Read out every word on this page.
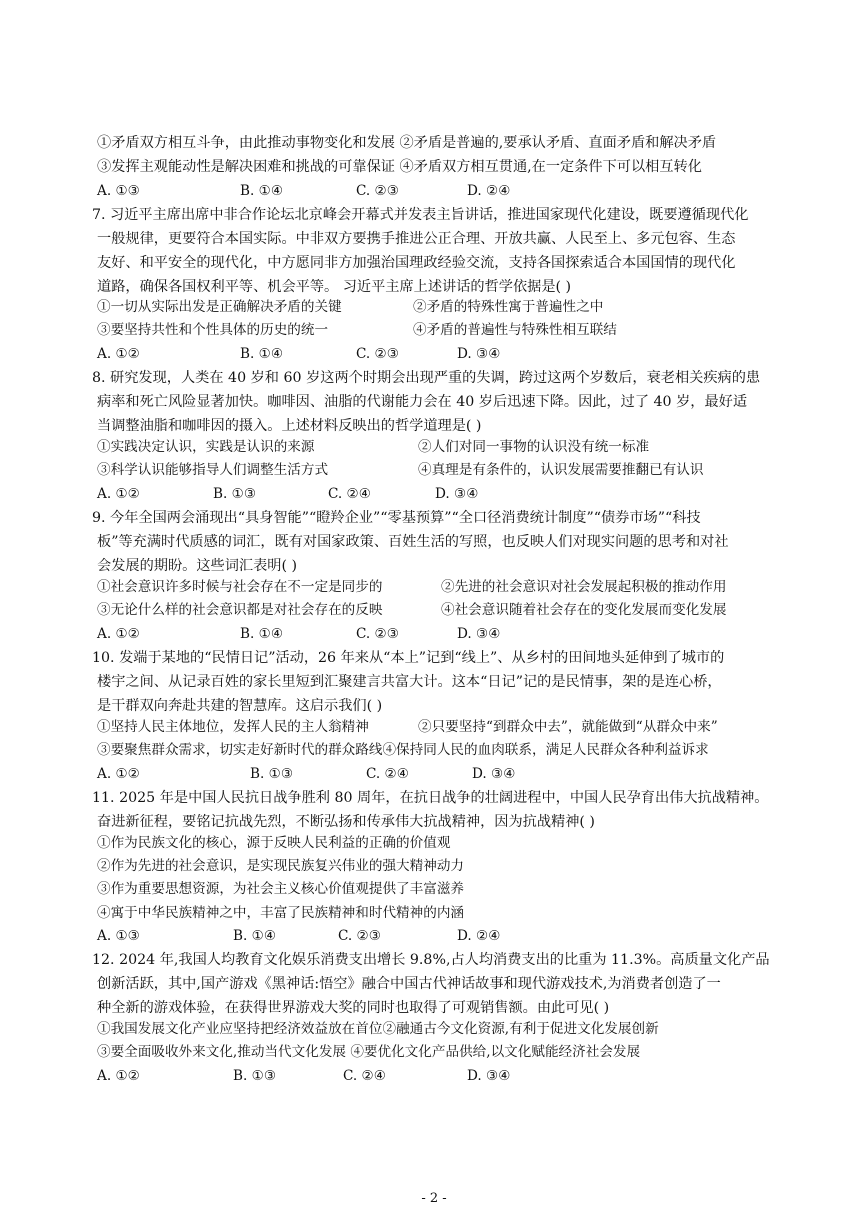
①矛盾双方相互斗争，由此推动事物变化和发展 ②矛盾是普遍的,要承认矛盾、直面矛盾和解决矛盾
③发挥主观能动性是解决困难和挑战的可靠保证 ④矛盾双方相互贯通,在一定条件下可以相互转化
A. ①③	B. ①④	C. ②③	D. ②④
7. 习近平主席出席中非合作论坛北京峰会开幕式并发表主旨讲话，推进国家现代化建设，既要遵循现代化
一般规律，更要符合本国实际。中非双方要携手推进公正合理、开放共赢、人民至上、多元包容、生态
友好、和平安全的现代化，中方愿同非方加强治国理政经验交流，支持各国探索适合本国国情的现代化
道路，确保各国权利平等、机会平等。 习近平主席上述讲话的哲学依据是( )
①一切从实际出发是正确解决矛盾的关键	②矛盾的特殊性寓于普遍性之中
③要坚持共性和个性具体的历史的统一	④矛盾的普遍性与特殊性相互联结
A. ①②	B. ①④	C. ②③	D. ③④
8. 研究发现，人类在 40 岁和 60 岁这两个时期会出现严重的失调，跨过这两个岁数后，衰老相关疾病的患
病率和死亡风险显著加快。咖啡因、油脂的代谢能力会在 40 岁后迅速下降。因此，过了 40 岁，最好适
当调整油脂和咖啡因的摄入。上述材料反映出的哲学道理是( )
①实践决定认识，实践是认识的来源	②人们对同一事物的认识没有统一标准
③科学认识能够指导人们调整生活方式	④真理是有条件的，认识发展需要推翻已有认识
A. ①②	B. ①③	C. ②④	D. ③④
9. 今年全国两会涌现出“具身智能”“瞪羚企业”“零基预算”“全口径消费统计制度”“债券市场”“科技
板”等充满时代质感的词汇，既有对国家政策、百姓生活的写照，也反映人们对现实问题的思考和对社
会发展的期盼。这些词汇表明( )
①社会意识许多时候与社会存在不一定是同步的	②先进的社会意识对社会发展起积极的推动作用
③无论什么样的社会意识都是对社会存在的反映	④社会意识随着社会存在的变化发展而变化发展
A. ①②	B. ①④	C. ②③	D. ③④
10. 发端于某地的“民情日记”活动，26 年来从“本上”记到“线上”、从乡村的田间地头延伸到了城市的
楼宇之间、从记录百姓的家长里短到汇聚建言共富大计。这本“日记”记的是民情事，架的是连心桥，
是干群双向奔赴共建的智慧库。这启示我们( )
①坚持人民主体地位，发挥人民的主人翁精神	②只要坚持“到群众中去”，就能做到“从群众中来”
③要聚焦群众需求，切实走好新时代的群众路线④保持同人民的血肉联系，满足人民群众各种利益诉求
A. ①②	B. ①③	C. ②④	D. ③④
11. 2025 年是中国人民抗日战争胜利 80 周年，在抗日战争的壮阔进程中，中国人民孕育出伟大抗战精神。
奋进新征程，要铭记抗战先烈，不断弘扬和传承伟大抗战精神，因为抗战精神( )
①作为民族文化的核心，源于反映人民利益的正确的价值观
②作为先进的社会意识，是实现民族复兴伟业的强大精神动力
③作为重要思想资源，为社会主义核心价值观提供了丰富滋养
④寓于中华民族精神之中，丰富了民族精神和时代精神的内涵
A. ①③	B. ①④	C. ②③	D. ②④
12. 2024 年,我国人均教育文化娱乐消费支出增长 9.8%,占人均消费支出的比重为 11.3%。高质量文化产品
创新活跃，其中,国产游戏《黑神话:悟空》融合中国古代神话故事和现代游戏技术,为消费者创造了一
种全新的游戏体验，在获得世界游戏大奖的同时也取得了可观销售额。由此可见( )
①我国发展文化产业应坚持把经济效益放在首位②融通古今文化资源,有利于促进文化发展创新
③要全面吸收外来文化,推动当代文化发展 ④要优化文化产品供给,以文化赋能经济社会发展
A. ①②	B. ①③	C. ②④	D. ③④
- 2 -
